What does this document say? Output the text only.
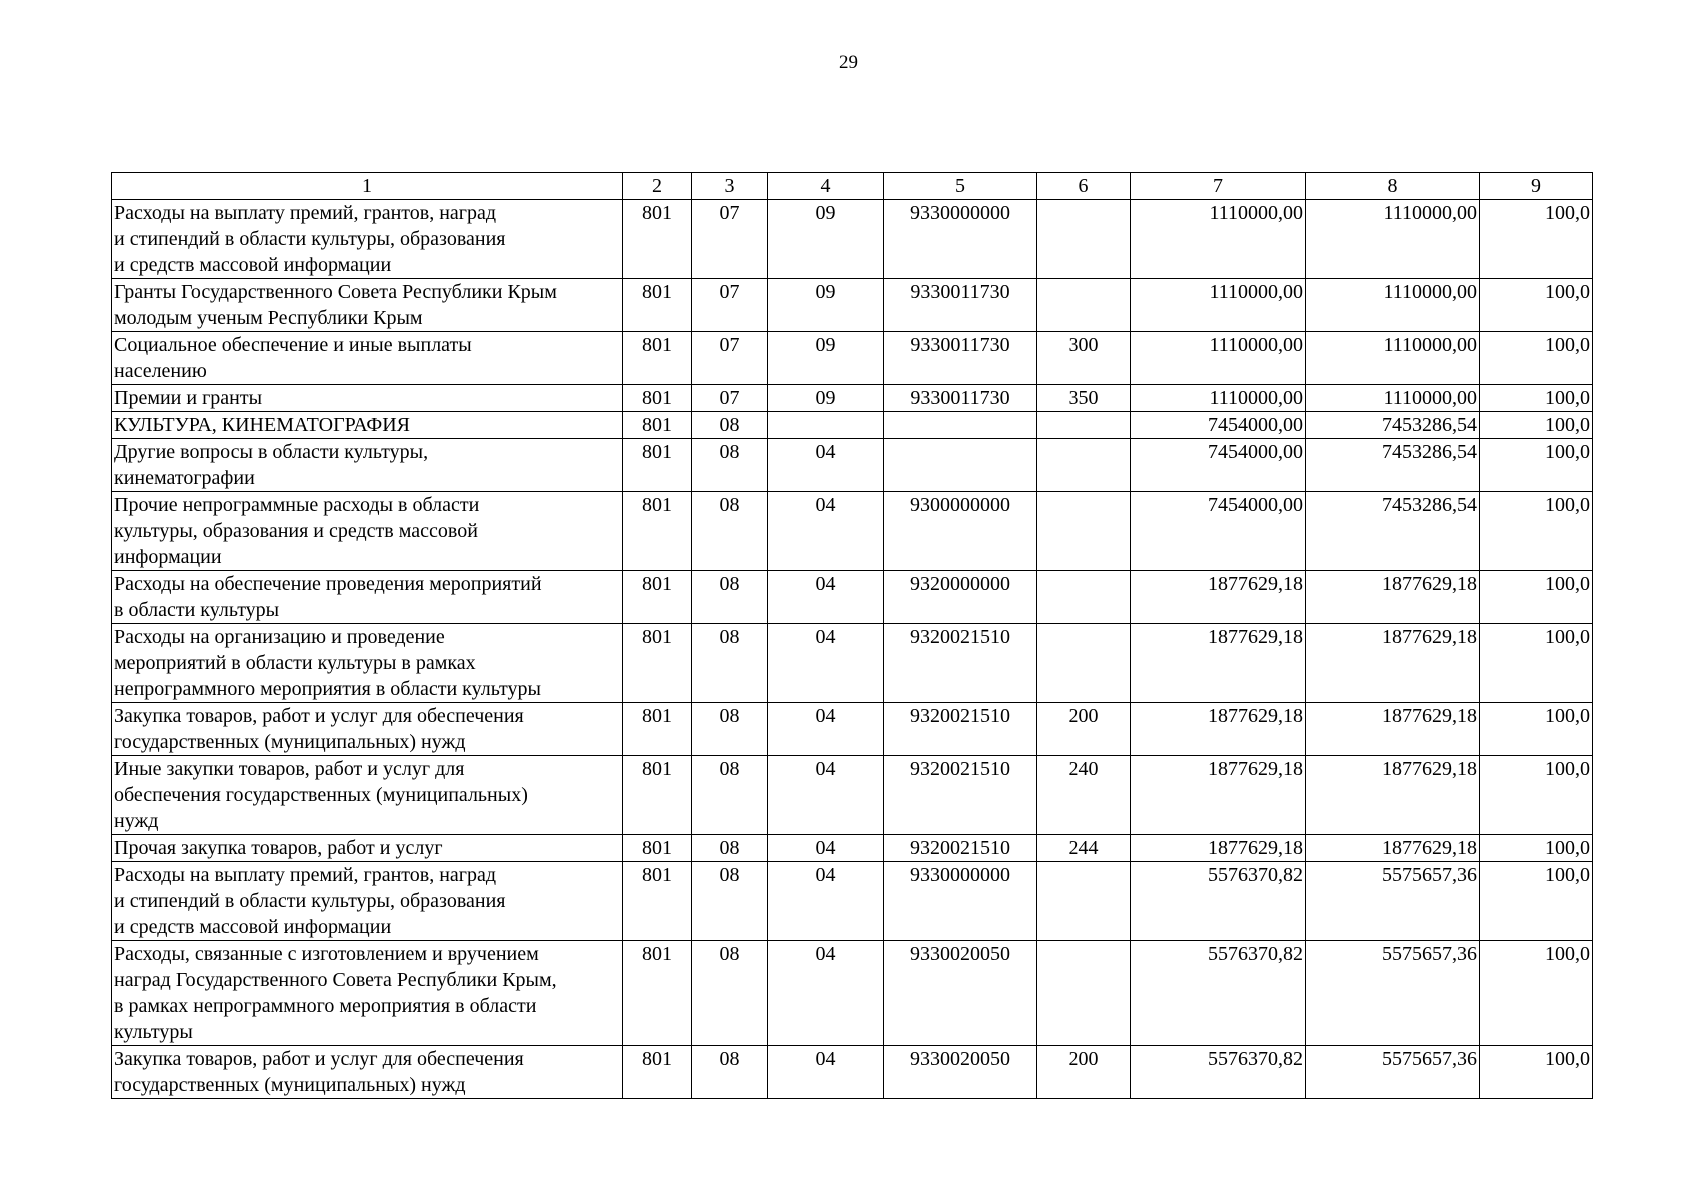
29
1	2	3	4	5	6	7	8	9

Расходы на выплату премий, грантов, наград
и стипендий в области культуры, образования
и средств массовой информации	801	07	09	9330000000		1110000,00	1110000,00	100,0

Гранты Государственного Совета Республики Крым
молодым ученым Республики Крым	801	07	09	9330011730		1110000,00	1110000,00	100,0

Социальное обеспечение и иные выплаты
населению	801	07	09	9330011730	300	1110000,00	1110000,00	100,0

Премии и гранты	801	07	09	9330011730	350	1110000,00	1110000,00	100,0

КУЛЬТУРА, КИНЕМАТОГРАФИЯ	801	08				7454000,00	7453286,54	100,0

Другие вопросы в области культуры,
кинематографии	801	08	04			7454000,00	7453286,54	100,0

Прочие непрограммные расходы в области
культуры, образования и средств массовой
информации	801	08	04	9300000000		7454000,00	7453286,54	100,0

Расходы на обеспечение проведения мероприятий
в области культуры	801	08	04	9320000000		1877629,18	1877629,18	100,0

Расходы на организацию и проведение
мероприятий в области культуры в рамках
непрограммного мероприятия в области культуры	801	08	04	9320021510		1877629,18	1877629,18	100,0

Закупка товаров, работ и услуг для обеспечения
государственных (муниципальных) нужд	801	08	04	9320021510	200	1877629,18	1877629,18	100,0

Иные закупки товаров, работ и услуг для
обеспечения государственных (муниципальных)
нужд	801	08	04	9320021510	240	1877629,18	1877629,18	100,0

Прочая закупка товаров, работ и услуг	801	08	04	9320021510	244	1877629,18	1877629,18	100,0

Расходы на выплату премий, грантов, наград
и стипендий в области культуры, образования
и средств массовой информации	801	08	04	9330000000		5576370,82	5575657,36	100,0

Расходы, связанные с изготовлением и вручением
наград Государственного Совета Республики Крым,
в рамках непрограммного мероприятия в области
культуры	801	08	04	9330020050		5576370,82	5575657,36	100,0

Закупка товаров, работ и услуг для обеспечения
государственных (муниципальных) нужд	801	08	04	9330020050	200	5576370,82	5575657,36	100,0
